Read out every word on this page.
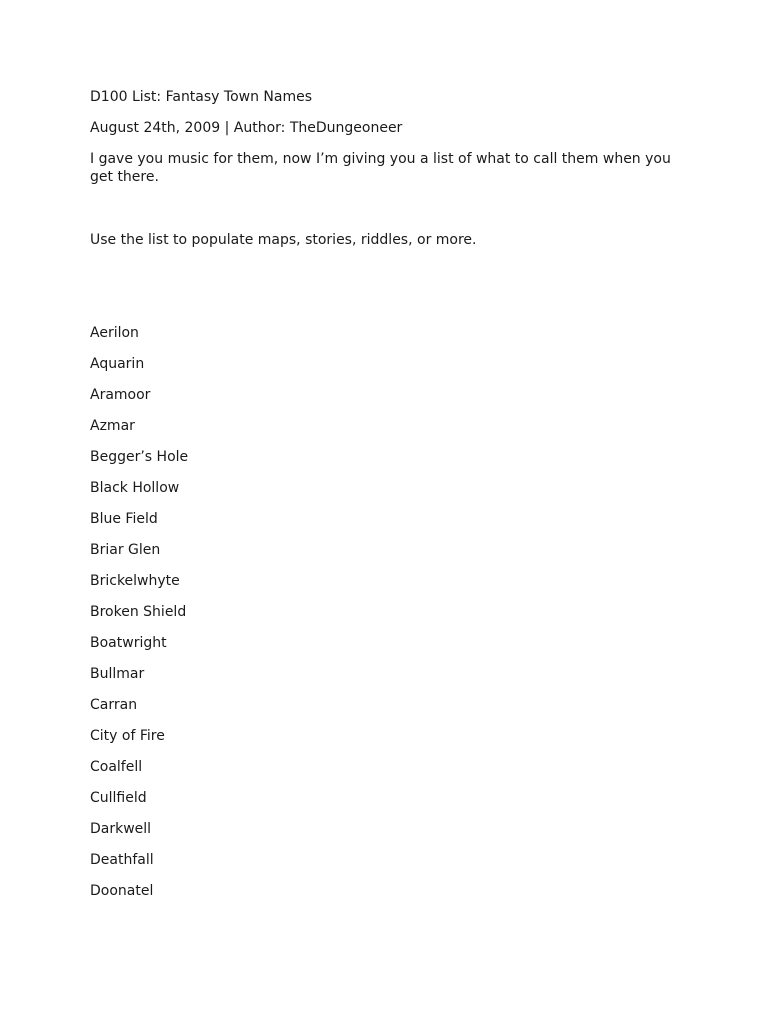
D100 List: Fantasy Town Names
August 24th, 2009 | Author: TheDungeoneer
I gave you music for them, now I’m giving you a list of what to call them when you get there.
Use the list to populate maps, stories, riddles, or more.
Aerilon
Aquarin
Aramoor
Azmar
Begger’s Hole
Black Hollow
Blue Field
Briar Glen
Brickelwhyte
Broken Shield
Boatwright
Bullmar
Carran
City of Fire
Coalfell
Cullfield
Darkwell
Deathfall
Doonatel
